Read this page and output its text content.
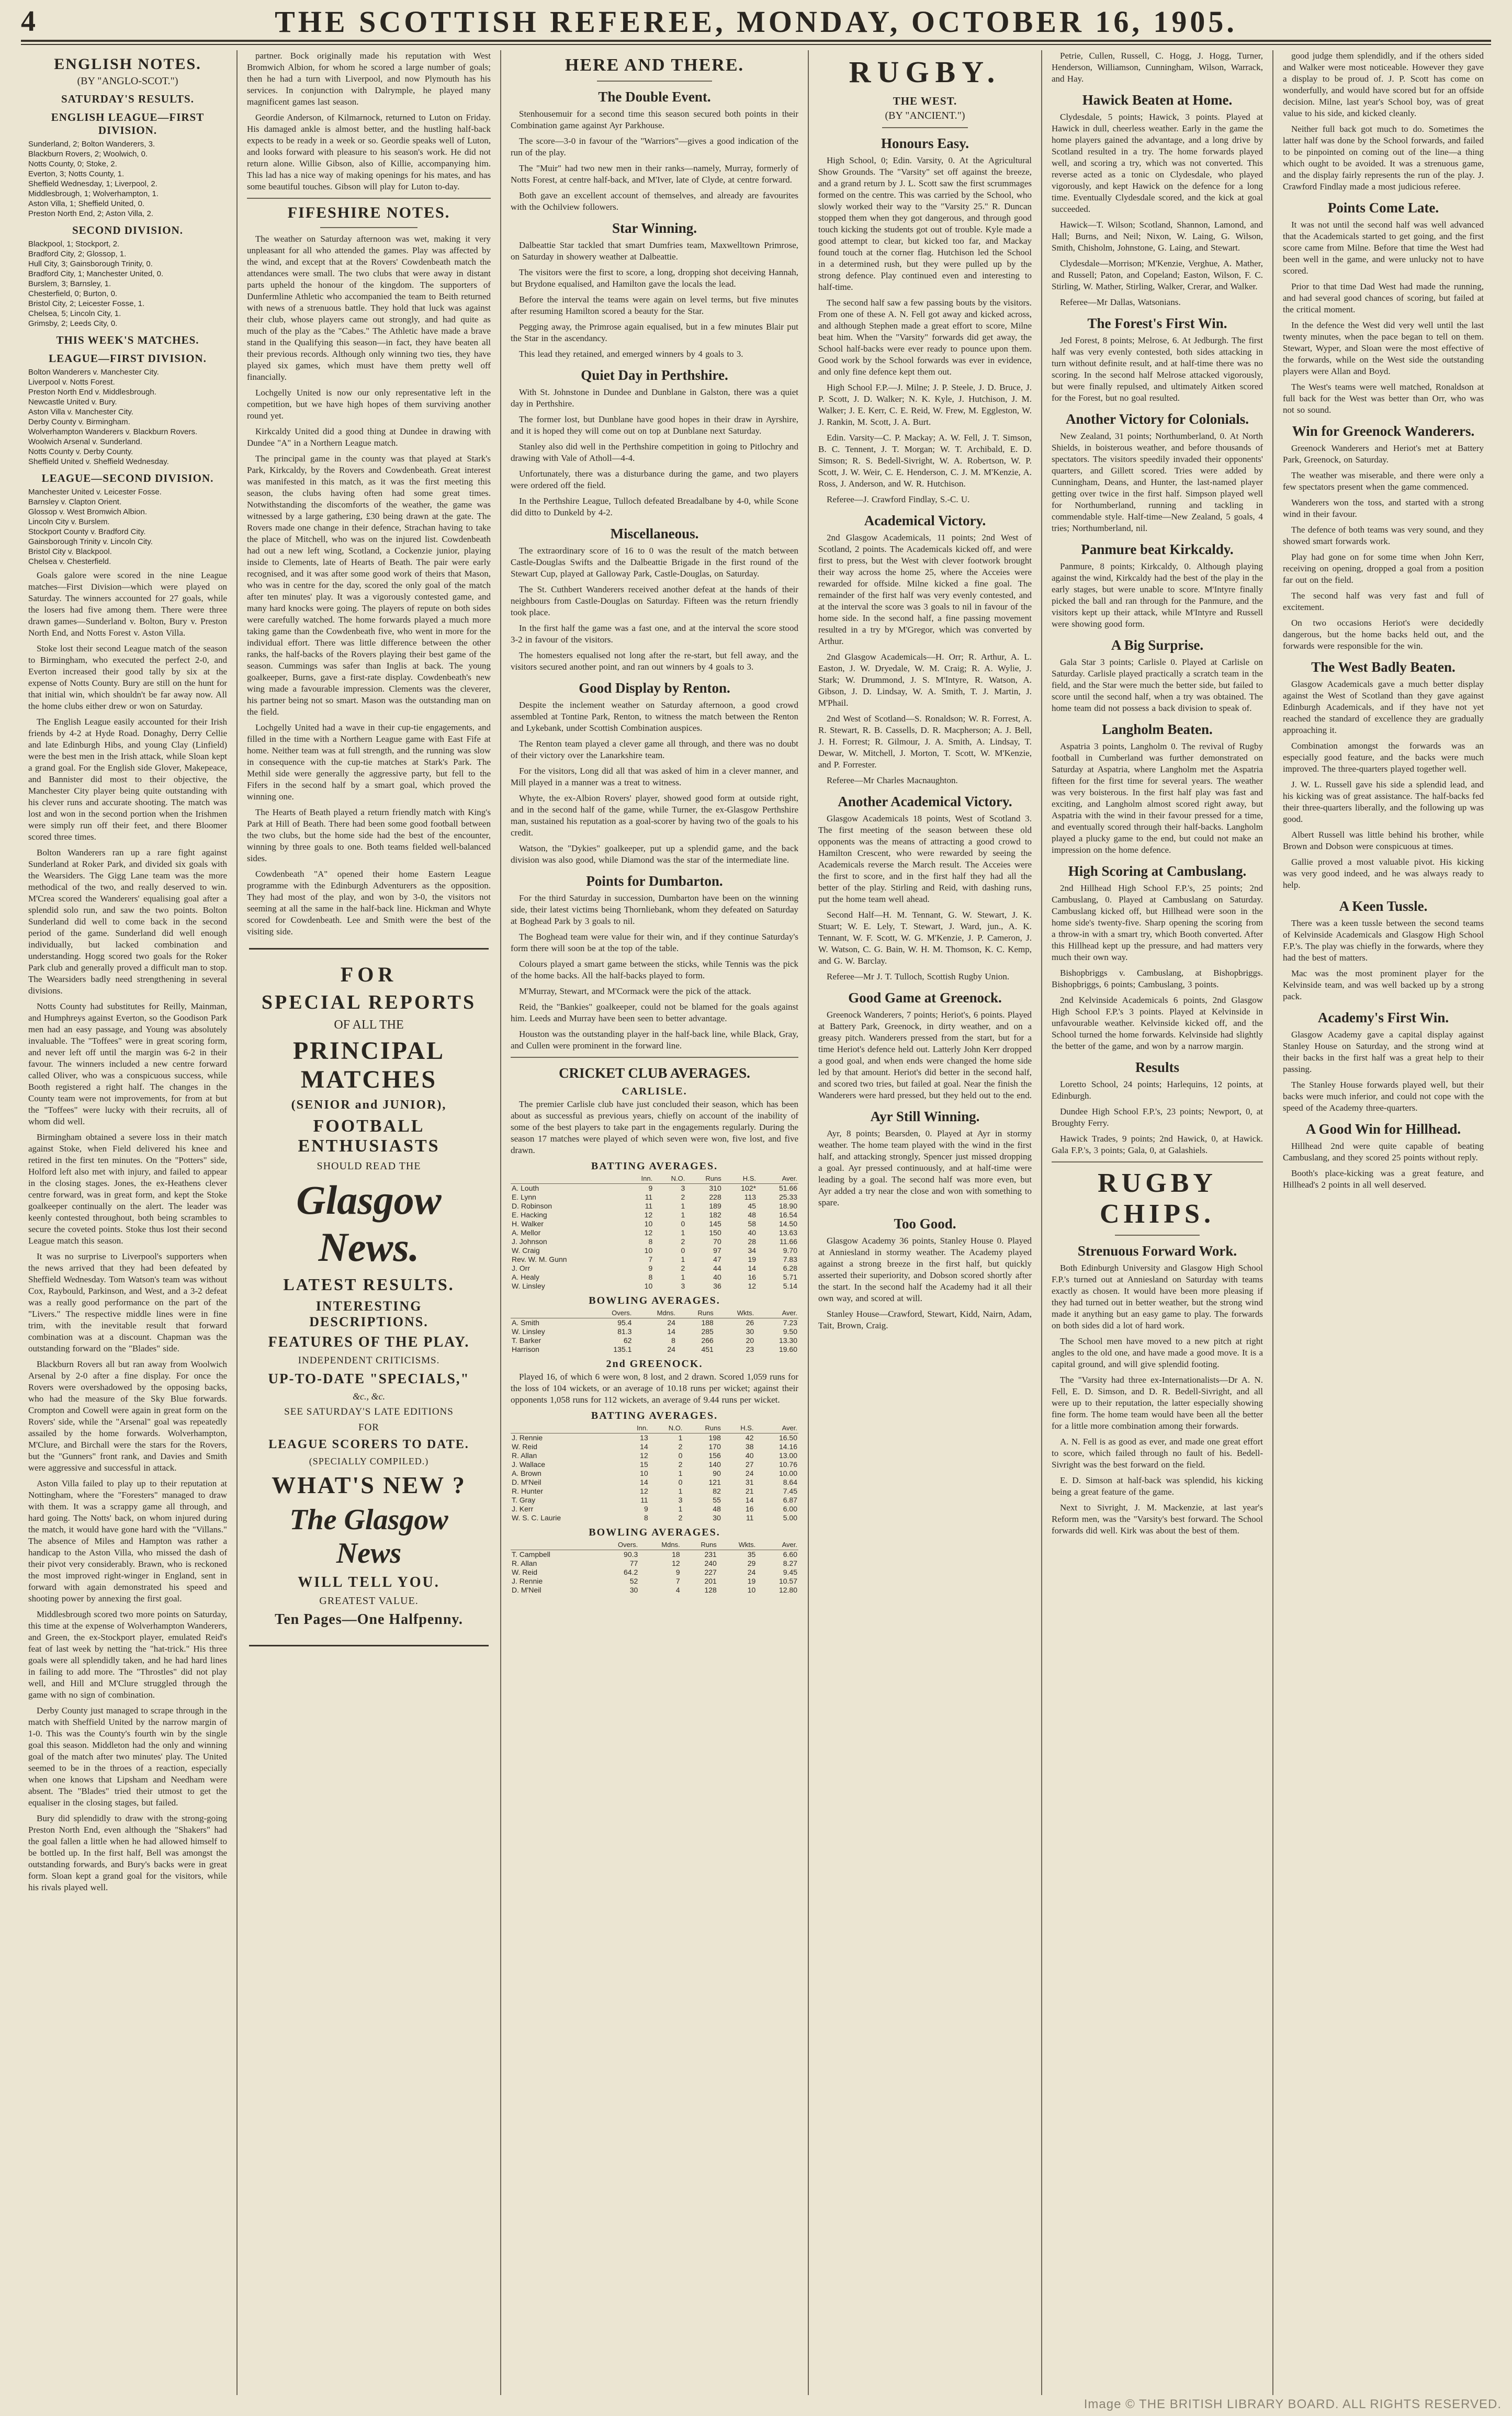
4	THE SCOTTISH REFEREE, MONDAY, OCTOBER 16, 1905.
ENGLISH NOTES.
(BY "ANGLO-SCOT.")
SATURDAY'S RESULTS.
ENGLISH LEAGUE—FIRST DIVISION.
Sunderland, 2; Bolton Wanderers, 3.
Blackburn Rovers, 2; Woolwich, 0.
Notts County, 0; Stoke, 2.
Everton, 3; Notts County, 1.
Sheffield Wednesday, 1; Liverpool, 2.
Middlesbrough, 1; Wolverhampton, 1.
Aston Villa, 1; Sheffield United, 0.
Preston North End, 2; Aston Villa, 2.
SECOND DIVISION.
Blackpool, 1; Stockport, 2.
Bradford City, 2; Glossop, 1.
Hull City, 3; Gainsborough Trinity, 0.
Bradford City, 1; Manchester United, 0.
Burslem, 3; Barnsley, 1.
Chesterfield, 0; Burton, 0.
Bristol City, 2; Leicester Fosse, 1.
Chelsea, 5; Lincoln City, 1.
Grimsby, 2; Leeds City, 0.
THIS WEEK'S MATCHES.
LEAGUE—FIRST DIVISION.
Bolton Wanderers v. Manchester City.
Liverpool v. Notts Forest.
Preston North End v. Middlesbrough.
Newcastle United v. Bury.
Aston Villa v. Manchester City.
Derby County v. Birmingham.
Wolverhampton Wanderers v. Blackburn Rovers.
Woolwich Arsenal v. Sunderland.
Notts County v. Derby County.
Sheffield United v. Sheffield Wednesday.
LEAGUE—SECOND DIVISION.
Manchester United v. Leicester Fosse.
Barnsley v. Clapton Orient.
Glossop v. West Bromwich Albion.
Lincoln City v. Burslem.
Stockport County v. Bradford City.
Gainsborough Trinity v. Lincoln City.
Bristol City v. Blackpool.
Chelsea v. Chesterfield.

Goals galore were scored in the nine League matches—First Division—which were played on Saturday. The winners accounted for 27 goals, while the losers had five among them. There were three drawn games—Sunderland v. Bolton, Bury v. Preston North End, and Notts Forest v. Aston Villa.

Stoke lost their second League match of the season to Birmingham, who executed the perfect 2-0, and Everton increased their good tally by six at the expense of Notts County. Bury are still on the hunt for that initial win, which shouldn't be far away now. All the home clubs either drew or won on Saturday.

The English League easily accounted for their Irish friends by 4-2 at Hyde Road. Donaghy, Derry Cellie and late Edinburgh Hibs, and young Clay (Linfield) were the best men in the Irish attack, while Sloan kept a grand goal. For the English side Glover, Makepeace, and Bannister did most to their objective, the Manchester City player being quite outstanding with his clever runs and accurate shooting. The match was lost and won in the second portion when the Irishmen were simply run off their feet, and there Bloomer scored three times.

Bolton Wanderers ran up a rare fight against Sunderland at Roker Park, and divided six goals with the Wearsiders. The Gigg Lane team was the more methodical of the two, and really deserved to win. M'Crea scored the Wanderers' equalising goal after a splendid solo run, and saw the two points. Bolton Sunderland did well to come back in the second period of the game. Sunderland did well enough individually, but lacked combination and understanding. Hogg scored two goals for the Roker Park club and generally proved a difficult man to stop. The Wearsiders badly need strengthening in several divisions.

Notts County had substitutes for Reilly, Mainman, and Humphreys against Everton, so the Goodison Park men had an easy passage, and Young was absolutely invaluable. The "Toffees" were in great scoring form, and never left off until the margin was 6-2 in their favour. The winners included a new centre forward called Oliver, who was a conspicuous success, while Booth registered a right half. The changes in the County team were not improvements, for from at but the "Toffees" were lucky with their recruits, all of whom did well.

Birmingham obtained a severe loss in their match against Stoke, when Field delivered his knee and retired in the first ten minutes. On the "Potters" side, Holford left also met with injury, and failed to appear in the closing stages. Jones, the ex-Heathens clever centre forward, was in great form, and kept the Stoke goalkeeper continually on the alert. The leader was keenly contested throughout, both being scrambles to secure the coveted points. Stoke thus lost their second League match this season.

It was no surprise to Liverpool's supporters when the news arrived that they had been defeated by Sheffield Wednesday. Tom Watson's team was without Cox, Raybould, Parkinson, and West, and a 3-2 defeat was a really good performance on the part of the "Livers." The respective middle lines were in fine trim, with the inevitable result that forward combination was at a discount. Chapman was the outstanding forward on the "Blades" side.

Blackburn Rovers all but ran away from Woolwich Arsenal by 2-0 after a fine display. For once the Rovers were overshadowed by the opposing backs, who had the measure of the Sky Blue forwards. Crompton and Cowell were again in great form on the Rovers' side, while the "Arsenal" goal was repeatedly assailed by the home forwards. Wolverhampton, M'Clure, and Birchall were the stars for the Rovers, but the "Gunners" front rank, and Davies and Smith were aggressive and successful in attack.

Aston Villa failed to play up to their reputation at Nottingham, where the "Foresters" managed to draw with them. It was a scrappy game all through, and hard going. The Notts' back, on whom injured during the match, it would have gone hard with the "Villans." The absence of Miles and Hampton was rather a handicap to the Aston Villa, who missed the dash of their pivot very considerably. Brawn, who is reckoned the most improved right-winger in England, sent in forward with again demonstrated his speed and shooting power by annexing the first goal.

Middlesbrough scored two more points on Saturday, this time at the expense of Wolverhampton Wanderers, and Green, the ex-Stockport player, emulated Reid's feat of last week by netting the "hat-trick." His three goals were all splendidly taken, and he had hard lines in failing to add more. The "Throstles" did not play well, and Hill and M'Clure struggled through the game with no sign of combination.

Derby County just managed to scrape through in the match with Sheffield United by the narrow margin of 1-0. This was the County's fourth win by the single goal this season. Middleton had the only and winning goal of the match after two minutes' play. The United seemed to be in the throes of a reaction, especially when one knows that Lipsham and Needham were absent. The "Blades" tried their utmost to get the equaliser in the closing stages, but failed.

Bury did splendidly to draw with the strong-going Preston North End, even although the "Shakers" had the goal fallen a little when he had allowed himself to be bottled up. In the first half, Bell was amongst the outstanding forwards, and Bury's backs were in great form. Sloan kept a grand goal for the visitors, while his rivals played well.

partner. Bock originally made his reputation with West Bromwich Albion, for whom he scored a large number of goals; then he had a turn with Liverpool, and now Plymouth has his services. In conjunction with Dalrymple, he played many magnificent games last season.

Geordie Anderson, of Kilmarnock, returned to Luton on Friday. His damaged ankle is almost better, and the hustling half-back expects to be ready in a week or so. Geordie speaks well of Luton, and looks forward with pleasure to his season's work. He did not return alone. Willie Gibson, also of Killie, accompanying him. This lad has a nice way of making openings for his mates, and has some beautiful touches. Gibson will play for Luton to-day.

FIFESHIRE NOTES.

The weather on Saturday afternoon was wet, making it very unpleasant for all who attended the games. Play was affected by the wind, and except that at the Rovers' Cowdenbeath match the attendances were small. The two clubs that were away in distant parts upheld the honour of the kingdom. The supporters of Dunfermline Athletic who accompanied the team to Beith returned with news of a strenuous battle. They hold that luck was against their club, whose players came out strongly, and had quite as much of the play as the "Cabes." The Athletic have made a brave stand in the Qualifying this season—in fact, they have beaten all their previous records. Although only winning two ties, they have played six games, which must have them pretty well off financially.

Lochgelly United is now our only representative left in the competition, but we have high hopes of them surviving another round yet.

Kirkcaldy United did a good thing at Dundee in drawing with Dundee "A" in a Northern League match.

The principal game in the county was that played at Stark's Park, Kirkcaldy, by the Rovers and Cowdenbeath. Great interest was manifested in this match, as it was the first meeting this season, the clubs having often had some great times. Notwithstanding the discomforts of the weather, the game was witnessed by a large gathering, £30 being drawn at the gate. The Rovers made one change in their defence, Strachan having to take the place of Mitchell, who was on the injured list. Cowdenbeath had out a new left wing, Scotland, a Cockenzie junior, playing inside to Clements, late of Hearts of Beath. The pair were early recognised, and it was after some good work of theirs that Mason, who was in centre for the day, scored the only goal of the match after ten minutes' play. It was a vigorously contested game, and many hard knocks were going. The players of repute on both sides were carefully watched. The home forwards played a much more taking game than the Cowdenbeath five, who went in more for the individual effort. There was little difference between the other ranks, the half-backs of the Rovers playing their best game of the season. Cummings was safer than Inglis at back. The young goalkeeper, Burns, gave a first-rate display. Cowdenbeath's new wing made a favourable impression. Clements was the cleverer, his partner being not so smart. Mason was the outstanding man on the field.

Lochgelly United had a wave in their cup-tie engagements, and filled in the time with a Northern League game with East Fife at home. Neither team was at full strength, and the running was slow in consequence with the cup-tie matches at Stark's Park. The Methil side were generally the aggressive party, but fell to the Fifers in the second half by a smart goal, which proved the winning one.

The Hearts of Beath played a return friendly match with King's Park at Hill of Beath. There had been some good football between the two clubs, but the home side had the best of the encounter, winning by three goals to one. Both teams fielded well-balanced sides.

Cowdenbeath "A" opened their home Eastern League programme with the Edinburgh Adventurers as the opposition. They had most of the play, and won by 3-0, the visitors not seeming at all the same in the half-back line. Hickman and Whyte scored for Cowdenbeath. Lee and Smith were the best of the visiting side.

FOR
SPECIAL REPORTS
OF ALL THE
PRINCIPAL MATCHES
(SENIOR and JUNIOR),
FOOTBALL ENTHUSIASTS
SHOULD READ THE
Glasgow News.
LATEST RESULTS.
INTERESTING DESCRIPTIONS.
FEATURES OF THE PLAY.
INDEPENDENT CRITICISMS.
UP-TO-DATE "SPECIALS,"
&c., &c.
SEE SATURDAY'S LATE EDITIONS
FOR
LEAGUE SCORERS TO DATE.
(SPECIALLY COMPILED.)
WHAT'S NEW ?
The Glasgow News
WILL TELL YOU.
GREATEST VALUE.
Ten Pages—One Halfpenny.
HERE AND THERE.
The Double Event.

Stenhousemuir for a second time this season secured both points in their Combination game against Ayr Parkhouse.

The score—3-0 in favour of the "Warriors"—gives a good indication of the run of the play.

The "Muir" had two new men in their ranks—namely, Murray, formerly of Notts Forest, at centre half-back, and M'Iver, late of Clyde, at centre forward.

Both gave an excellent account of themselves, and already are favourites with the Ochilview followers.

Star Winning.

Dalbeattie Star tackled that smart Dumfries team, Maxwelltown Primrose, on Saturday in showery weather at Dalbeattie.

The visitors were the first to score, a long, dropping shot deceiving Hannah, but Brydone equalised, and Hamilton gave the locals the lead.

Before the interval the teams were again on level terms, but five minutes after resuming Hamilton scored a beauty for the Star.

Pegging away, the Primrose again equalised, but in a few minutes Blair put the Star in the ascendancy.

This lead they retained, and emerged winners by 4 goals to 3.

Quiet Day in Perthshire.

With St. Johnstone in Dundee and Dunblane in Galston, there was a quiet day in Perthshire.

The former lost, but Dunblane have good hopes in their draw in Ayrshire, and it is hoped they will come out on top at Dunblane next Saturday.

Stanley also did well in the Perthshire competition in going to Pitlochry and drawing with Vale of Atholl—4-4.

Unfortunately, there was a disturbance during the game, and two players were ordered off the field.

In the Perthshire League, Tulloch defeated Breadalbane by 4-0, while Scone did ditto to Dunkeld by 4-2.

Miscellaneous.

The extraordinary score of 16 to 0 was the result of the match between Castle-Douglas Swifts and the Dalbeattie Brigade in the first round of the Stewart Cup, played at Galloway Park, Castle-Douglas, on Saturday.

The St. Cuthbert Wanderers received another defeat at the hands of their neighbours from Castle-Douglas on Saturday. Fifteen was the return friendly took place.

In the first half the game was a fast one, and at the interval the score stood 3-2 in favour of the visitors.

The homesters equalised not long after the re-start, but fell away, and the visitors secured another point, and ran out winners by 4 goals to 3.

Good Display by Renton.

Despite the inclement weather on Saturday afternoon, a good crowd assembled at Tontine Park, Renton, to witness the match between the Renton and Lykebank, under Scottish Combination auspices.

The Renton team played a clever game all through, and there was no doubt of their victory over the Lanarkshire team.

For the visitors, Long did all that was asked of him in a clever manner, and Mill played in a manner was a treat to witness.

Whyte, the ex-Albion Rovers' player, showed good form at outside right, and in the second half of the game, while Turner, the ex-Glasgow Perthshire man, sustained his reputation as a goal-scorer by having two of the goals to his credit.

Watson, the "Dykies" goalkeeper, put up a splendid game, and the back division was also good, while Diamond was the star of the intermediate line.

Points for Dumbarton.

For the third Saturday in succession, Dumbarton have been on the winning side, their latest victims being Thornliebank, whom they defeated on Saturday at Boghead Park by 3 goals to nil.

The Boghead team were value for their win, and if they continue Saturday's form there will soon be at the top of the table.

Colours played a smart game between the sticks, while Tennis was the pick of the home backs. All the half-backs played to form.

M'Murray, Stewart, and M'Cormack were the pick of the attack.

Reid, the "Bankies" goalkeeper, could not be blamed for the goals against him. Leeds and Murray have been seen to better advantage.

Houston was the outstanding player in the half-back line, while Black, Gray, and Cullen were prominent in the forward line.

CRICKET CLUB AVERAGES.
CARLISLE.

The premier Carlisle club have just concluded their season, which has been about as successful as previous years, chiefly on account of the inability of some of the best players to take part in the engagements regularly. During the season 17 matches were played of which seven were won, five lost, and five drawn.

BATTING AVERAGES.
	Inn.	N.O.	Runs	H.S.	Aver.
A. Louth	9	3	310	102*	51.66
E. Lynn	11	2	228	113	25.33
D. Robinson	11	1	189	45	18.90
E. Hacking	12	1	182	48	16.54
H. Walker	10	0	145	58	14.50
A. Mellor	12	1	150	40	13.63
J. Johnson	8	2	70	28	11.66
W. Craig	10	0	97	34	9.70
Rev. W. M. Gunn	7	1	47	19	7.83
J. Orr	9	2	44	14	6.28
A. Healy	8	1	40	16	5.71
W. Linsley	10	3	36	12	5.14
BOWLING AVERAGES.
	Overs.	Mdns.	Runs	Wkts.	Aver.
A. Smith	95.4	24	188	26	7.23
W. Linsley	81.3	14	285	30	9.50
T. Barker	62	8	266	20	13.30
Harrison	135.1	24	451	23	19.60
2nd GREENOCK.

Played 16, of which 6 were won, 8 lost, and 2 drawn. Scored 1,059 runs for the loss of 104 wickets, or an average of 10.18 runs per wicket; against their opponents 1,058 runs for 112 wickets, an average of 9.44 runs per wicket.

BATTING AVERAGES.
	Inn.	N.O.	Runs	H.S.	Aver.
J. Rennie	13	1	198	42	16.50
W. Reid	14	2	170	38	14.16
R. Allan	12	0	156	40	13.00
J. Wallace	15	2	140	27	10.76
A. Brown	10	1	90	24	10.00
D. M'Neil	14	0	121	31	8.64
R. Hunter	12	1	82	21	7.45
T. Gray	11	3	55	14	6.87
J. Kerr	9	1	48	16	6.00
W. S. C. Laurie	8	2	30	11	5.00
BOWLING AVERAGES.
	Overs.	Mdns.	Runs	Wkts.	Aver.
T. Campbell	90.3	18	231	35	6.60
R. Allan	77	12	240	29	8.27
W. Reid	64.2	9	227	24	9.45
J. Rennie	52	7	201	19	10.57
D. M'Neil	30	4	128	10	12.80
RUGBY.
THE WEST.
(BY "ANCIENT.")
Honours Easy.

High School, 0; Edin. Varsity, 0. At the Agricultural Show Grounds. The "Varsity" set off against the breeze, and a grand return by J. L. Scott saw the first scrummages formed on the centre. This was carried by the School, who slowly worked their way to the "Varsity 25." R. Duncan stopped them when they got dangerous, and through good touch kicking the students got out of trouble. Kyle made a good attempt to clear, but kicked too far, and Mackay found touch at the corner flag. Hutchison led the School in a determined rush, but they were pulled up by the strong defence. Play continued even and interesting to half-time.

The second half saw a few passing bouts by the visitors. From one of these A. N. Fell got away and kicked across, and although Stephen made a great effort to score, Milne beat him. When the "Varsity" forwards did get away, the School half-backs were ever ready to pounce upon them. Good work by the School forwards was ever in evidence, and only fine defence kept them out.

High School F.P.—J. Milne; J. P. Steele, J. D. Bruce, J. P. Scott, J. D. Walker; N. K. Kyle, J. Hutchison, J. M. Walker; J. E. Kerr, C. E. Reid, W. Frew, M. Eggleston, W. J. Rankin, M. Scott, J. A. Burt.

Edin. Varsity—C. P. Mackay; A. W. Fell, J. T. Simson, B. C. Tennent, J. T. Morgan; W. T. Archibald, E. D. Simson; R. S. Bedell-Sivright, W. A. Robertson, W. P. Scott, J. W. Weir, C. E. Henderson, C. J. M. M'Kenzie, A. Ross, J. Anderson, and W. R. Hutchison.

Referee—J. Crawford Findlay, S.-C. U.

Academical Victory.

2nd Glasgow Academicals, 11 points; 2nd West of Scotland, 2 points. The Academicals kicked off, and were first to press, but the West with clever footwork brought their way across the home 25, where the Acceies were rewarded for offside. Milne kicked a fine goal. The remainder of the first half was very evenly contested, and at the interval the score was 3 goals to nil in favour of the home side. In the second half, a fine passing movement resulted in a try by M'Gregor, which was converted by Arthur.

2nd Glasgow Academicals—H. Orr; R. Arthur, A. L. Easton, J. W. Dryedale, W. M. Craig; R. A. Wylie, J. Stark; W. Drummond, J. S. M'Intyre, R. Watson, A. Gibson, J. D. Lindsay, W. A. Smith, T. J. Martin, J. M'Phail.

2nd West of Scotland—S. Ronaldson; W. R. Forrest, A. R. Stewart, R. B. Cassells, D. R. Macpherson; A. J. Bell, J. H. Forrest; R. Gilmour, J. A. Smith, A. Lindsay, T. Dewar, W. Mitchell, J. Morton, T. Scott, W. M'Kenzie, and P. Forrester.

Referee—Mr Charles Macnaughton.

Another Academical Victory.

Glasgow Academicals 18 points, West of Scotland 3. The first meeting of the season between these old opponents was the means of attracting a good crowd to Hamilton Crescent, who were rewarded by seeing the Academicals reverse the March result. The Acceies were the first to score, and in the first half they had all the better of the play. Stirling and Reid, with dashing runs, put the home team well ahead.

Second Half—H. M. Tennant, G. W. Stewart, J. K. Stuart; W. E. Lely, T. Stewart, J. Ward, jun., A. K. Tennant, W. F. Scott, W. G. M'Kenzie, J. P. Cameron, J. W. Watson, C. G. Bain, W. H. M. Thomson, K. C. Kemp, and G. W. Barclay.

Referee—Mr J. T. Tulloch, Scottish Rugby Union.

Good Game at Greenock.

Greenock Wanderers, 7 points; Heriot's, 6 points. Played at Battery Park, Greenock, in dirty weather, and on a greasy pitch. Wanderers pressed from the start, but for a time Heriot's defence held out. Latterly John Kerr dropped a good goal, and when ends were changed the home side led by that amount. Heriot's did better in the second half, and scored two tries, but failed at goal. Near the finish the Wanderers were hard pressed, but they held out to the end.

Ayr Still Winning.

Ayr, 8 points; Bearsden, 0. Played at Ayr in stormy weather. The home team played with the wind in the first half, and attacking strongly, Spencer just missed dropping a goal. Ayr pressed continuously, and at half-time were leading by a goal. The second half was more even, but Ayr added a try near the close and won with something to spare.

Too Good.

Glasgow Academy 36 points, Stanley House 0. Played at Anniesland in stormy weather. The Academy played against a strong breeze in the first half, but quickly asserted their superiority, and Dobson scored shortly after the start. In the second half the Academy had it all their own way, and scored at will.

Stanley House—Crawford, Stewart, Kidd, Nairn, Adam, Tait, Brown, Craig.

Petrie, Cullen, Russell, C. Hogg, J. Hogg, Turner, Henderson, Williamson, Cunningham, Wilson, Warrack, and Hay.

Hawick Beaten at Home.

Clydesdale, 5 points; Hawick, 3 points. Played at Hawick in dull, cheerless weather. Early in the game the home players gained the advantage, and a long drive by Scotland resulted in a try. The home forwards played well, and scoring a try, which was not converted. This reverse acted as a tonic on Clydesdale, who played vigorously, and kept Hawick on the defence for a long time. Eventually Clydesdale scored, and the kick at goal succeeded.

Hawick—T. Wilson; Scotland, Shannon, Lamond, and Hall; Burns, and Neil; Nixon, W. Laing, G. Wilson, Smith, Chisholm, Johnstone, G. Laing, and Stewart.

Clydesdale—Morrison; M'Kenzie, Verghue, A. Mather, and Russell; Paton, and Copeland; Easton, Wilson, F. C. Stirling, W. Mather, Stirling, Walker, Crerar, and Walker.

Referee—Mr Dallas, Watsonians.

The Forest's First Win.

Jed Forest, 8 points; Melrose, 6. At Jedburgh. The first half was very evenly contested, both sides attacking in turn without definite result, and at half-time there was no scoring. In the second half Melrose attacked vigorously, but were finally repulsed, and ultimately Aitken scored for the Forest, but no goal resulted.

Another Victory for Colonials.

New Zealand, 31 points; Northumberland, 0. At North Shields, in boisterous weather, and before thousands of spectators. The visitors speedily invaded their opponents' quarters, and Gillett scored. Tries were added by Cunningham, Deans, and Hunter, the last-named player getting over twice in the first half. Simpson played well for Northumberland, running and tackling in commendable style. Half-time—New Zealand, 5 goals, 4 tries; Northumberland, nil.

Panmure beat Kirkcaldy.

Panmure, 8 points; Kirkcaldy, 0. Although playing against the wind, Kirkcaldy had the best of the play in the early stages, but were unable to score. M'Intyre finally picked the ball and ran through for the Panmure, and the visitors kept up their attack, while M'Intyre and Russell were showing good form.

A Big Surprise.

Gala Star 3 points; Carlisle 0. Played at Carlisle on Saturday. Carlisle played practically a scratch team in the field, and the Star were much the better side, but failed to score until the second half, when a try was obtained. The home team did not possess a back division to speak of.

Langholm Beaten.

Aspatria 3 points, Langholm 0. The revival of Rugby football in Cumberland was further demonstrated on Saturday at Aspatria, where Langholm met the Aspatria fifteen for the first time for several years. The weather was very boisterous. In the first half play was fast and exciting, and Langholm almost scored right away, but Aspatria with the wind in their favour pressed for a time, and eventually scored through their half-backs. Langholm played a plucky game to the end, but could not make an impression on the home defence.

High Scoring at Cambuslang.

2nd Hillhead High School F.P.'s, 25 points; 2nd Cambuslang, 0. Played at Cambuslang on Saturday. Cambuslang kicked off, but Hillhead were soon in the home side's twenty-five. Sharp opening the scoring from a throw-in with a smart try, which Booth converted. After this Hillhead kept up the pressure, and had matters very much their own way.

Bishopbriggs v. Cambuslang, at Bishopbriggs. Bishopbriggs, 6 points; Cambuslang, 3 points.

2nd Kelvinside Academicals 6 points, 2nd Glasgow High School F.P.'s 3 points. Played at Kelvinside in unfavourable weather. Kelvinside kicked off, and the School turned the home forwards. Kelvinside had slightly the better of the game, and won by a narrow margin.

Results

Loretto School, 24 points; Harlequins, 12 points, at Edinburgh.

Dundee High School F.P.'s, 23 points; Newport, 0, at Broughty Ferry.

Hawick Trades, 9 points; 2nd Hawick, 0, at Hawick. Gala F.P.'s, 3 points; Gala, 0, at Galashiels.

RUGBY CHIPS.
Strenuous Forward Work.

Both Edinburgh University and Glasgow High School F.P.'s turned out at Anniesland on Saturday with teams exactly as chosen. It would have been more pleasing if they had turned out in better weather, but the strong wind made it anything but an easy game to play. The forwards on both sides did a lot of hard work.

The School men have moved to a new pitch at right angles to the old one, and have made a good move. It is a capital ground, and will give splendid footing.

The "Varsity had three ex-Internationalists—Dr A. N. Fell, E. D. Simson, and D. R. Bedell-Sivright, and all were up to their reputation, the latter especially showing fine form. The home team would have been all the better for a little more combination among their forwards.

A. N. Fell is as good as ever, and made one great effort to score, which failed through no fault of his. Bedell-Sivright was the best forward on the field.

E. D. Simson at half-back was splendid, his kicking being a great feature of the game.

Next to Sivright, J. M. Mackenzie, at last year's Reform men, was the "Varsity's best forward. The School forwards did well. Kirk was about the best of them.

good judge them splendidly, and if the others sided and Walker were most noticeable. However they gave a display to be proud of. J. P. Scott has come on wonderfully, and would have scored but for an offside decision. Milne, last year's School boy, was of great value to his side, and kicked cleanly.

Neither full back got much to do. Sometimes the latter half was done by the School forwards, and failed to be pinpointed on coming out of the line—a thing which ought to be avoided. It was a strenuous game, and the display fairly represents the run of the play. J. Crawford Findlay made a most judicious referee.

Points Come Late.

It was not until the second half was well advanced that the Academicals started to get going, and the first score came from Milne. Before that time the West had been well in the game, and were unlucky not to have scored.

Prior to that time Dad West had made the running, and had several good chances of scoring, but failed at the critical moment.

In the defence the West did very well until the last twenty minutes, when the pace began to tell on them. Stewart, Wyper, and Sloan were the most effective of the forwards, while on the West side the outstanding players were Allan and Boyd.

The West's teams were well matched, Ronaldson at full back for the West was better than Orr, who was not so sound.

Win for Greenock Wanderers.

Greenock Wanderers and Heriot's met at Battery Park, Greenock, on Saturday.

The weather was miserable, and there were only a few spectators present when the game commenced.

Wanderers won the toss, and started with a strong wind in their favour.

The defence of both teams was very sound, and they showed smart forwards work.

Play had gone on for some time when John Kerr, receiving on opening, dropped a goal from a position far out on the field.

The second half was very fast and full of excitement.

On two occasions Heriot's were decidedly dangerous, but the home backs held out, and the forwards were responsible for the win.

The West Badly Beaten.

Glasgow Academicals gave a much better display against the West of Scotland than they gave against Edinburgh Academicals, and if they have not yet reached the standard of excellence they are gradually approaching it.

Combination amongst the forwards was an especially good feature, and the backs were much improved. The three-quarters played together well.

J. W. L. Russell gave his side a splendid lead, and his kicking was of great assistance. The half-backs fed their three-quarters liberally, and the following up was good.

Albert Russell was little behind his brother, while Brown and Dobson were conspicuous at times.

Gallie proved a most valuable pivot. His kicking was very good indeed, and he was always ready to help.

A Keen Tussle.

There was a keen tussle between the second teams of Kelvinside Academicals and Glasgow High School F.P.'s. The play was chiefly in the forwards, where they had the best of matters.

Mac was the most prominent player for the Kelvinside team, and was well backed up by a strong pack.

Academy's First Win.

Glasgow Academy gave a capital display against Stanley House on Saturday, and the strong wind at their backs in the first half was a great help to their passing.

The Stanley House forwards played well, but their backs were much inferior, and could not cope with the speed of the Academy three-quarters.

A Good Win for Hillhead.

Hillhead 2nd were quite capable of beating Cambuslang, and they scored 25 points without reply.

Booth's place-kicking was a great feature, and Hillhead's 2 points in all well deserved.

Image © THE BRITISH LIBRARY BOARD. ALL RIGHTS RESERVED.
